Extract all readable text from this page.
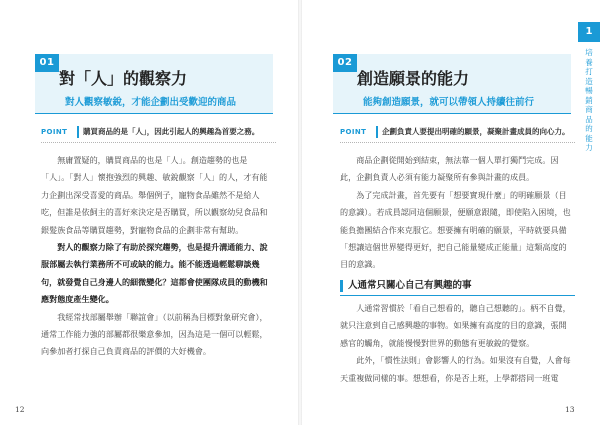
01
對「人」的觀察力
對人觀察敏銳，才能企劃出受歡迎的商品
POINT 購買商品的是「人」，因此引起人的興趣為首要之務。

無庸置疑的，購買商品的也是「人」。創造趨勢的也是「人」。「對人」懷抱強烈的興趣、敏銳觀察「人」的人，才有能力企劃出深受喜愛的商品。舉個例子，寵物食品雖然不是給人吃，但誰是依飼主的喜好來決定是否購買，所以觀察幼兒食品和銀髮族食品等購買趨勢，對寵物食品的企劃非常有幫助。

對人的觀察力除了有助於探究趨勢，也是提升溝通能力、說服部屬去執行業務所不可或缺的能力。能不能透過輕鬆聊談幾句，就發覺自己身邊人的細微變化？這都會使團隊成員的動機和應對態度產生變化。

我經常找部屬舉辦「聯誼會」（以前稱為目標對象研究會），通常工作能力強的部屬都很樂意參加，因為這是一個可以輕鬆，向參加者打探自己負責商品的評價的大好機會。

12
02
創造願景的能力
能夠創造願景，就可以帶領人持續往前行
POINT 企劃負責人要提出明確的願景，凝聚計畫成員的向心力。

商品企劃從開始到結束，無法靠一個人單打獨鬥完成。因此，企劃負責人必須有能力凝聚所有參與計畫的成員。

為了完成計畫，首先要有「想要實現什麼」的明確願景（目的意識）。若成員認同這個願景，便願意跟隨，即使陷入困境，也能負擔團結合作來克服它。想要擁有明確的願景，平時就要具備「想讓這個世界變得更好，把自己能量變成正能量」這類高度的目的意識。

人通常只關心自己有興趣的事

人通常習慣於「看自己想看的，聽自己想聽的」。柄不自覺，就只注意到自己感興趣的事物。如果擁有高度的目的意識，張開感官的觸角，就能慢慢對世界的動態有更敏銳的覺察。

此外，「慣性法則」會影響人的行為。如果沒有自覺，人會每天重複做同樣的事。想想看，你是否上班，上學都搭同一班電

13
1
培養打造暢銷商品的能力
